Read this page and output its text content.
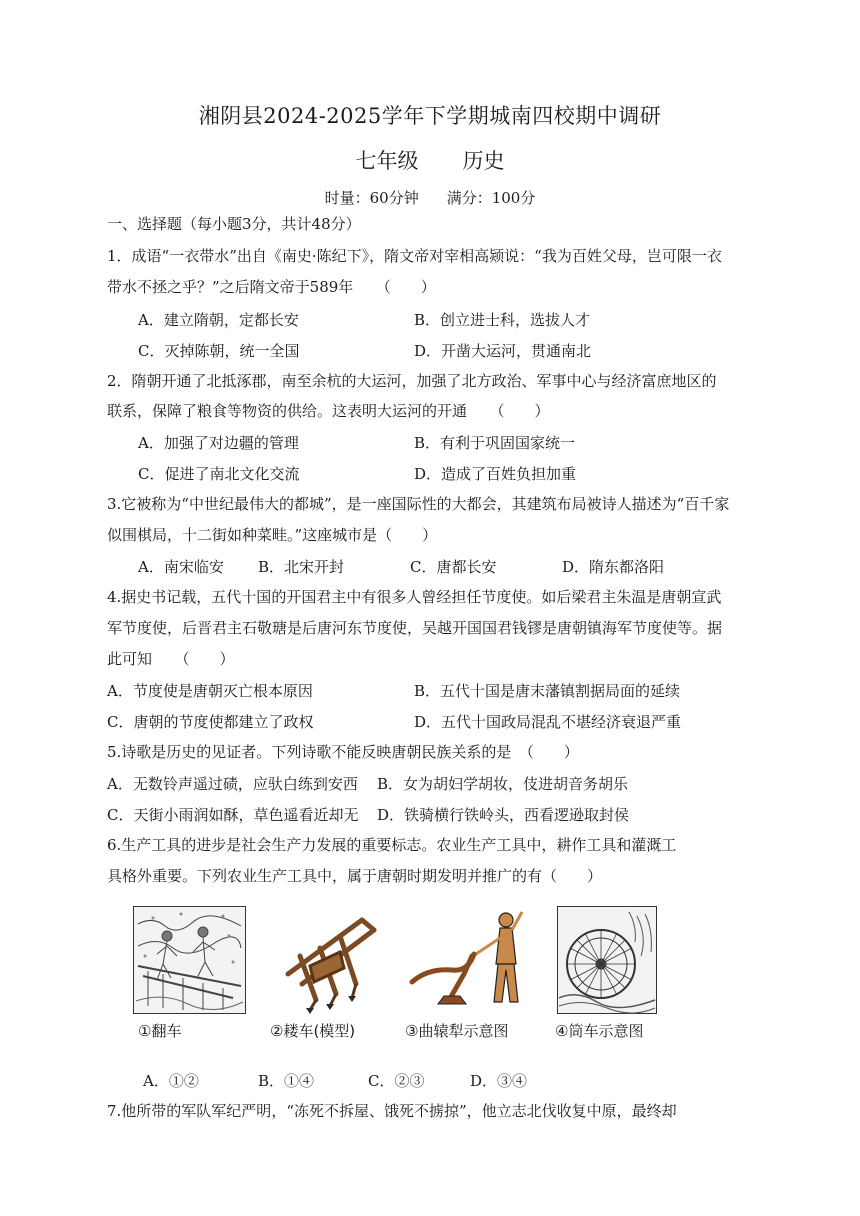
湘阴县2024-2025学年下学期城南四校期中调研
七年级 历史
时量：60分钟 满分：100分
一、选择题（每小题3分，共计48分）
1．成语“一衣带水”出自《南史·陈纪下》，隋文帝对宰相高颎说：“我为百姓父母，岂可限一衣
带水不拯之乎？”之后隋文帝于589年　　（　　）
A．建立隋朝，定都长安	B．创立进士科，选拔人才
C．灭掉陈朝，统一全国	D．开凿大运河，贯通南北
2．隋朝开通了北抵涿郡，南至余杭的大运河，加强了北方政治、军事中心与经济富庶地区的
联系，保障了粮食等物资的供给。这表明大运河的开通　　（　　）
A．加强了对边疆的管理	B．有利于巩固国家统一
C．促进了南北文化交流	D．造成了百姓负担加重
3.它被称为“中世纪最伟大的都城”，是一座国际性的大都会，其建筑布局被诗人描述为“百千家
似围棋局，十二街如种菜畦。”这座城市是（　　）
A．南宋临安 B．北宋开封	C．唐都长安	D．隋东都洛阳
4.据史书记载，五代十国的开国君主中有很多人曾经担任节度使。如后梁君主朱温是唐朝宣武
军节度使，后晋君主石敬瑭是后唐河东节度使，吴越开国国君钱镠是唐朝镇海军节度使等。据
此可知　　（　　）
A．节度使是唐朝灭亡根本原因	B．五代十国是唐末藩镇割据局面的延续
C．唐朝的节度使都建立了政权	D．五代十国政局混乱不堪经济衰退严重
5.诗歌是历史的见证者。下列诗歌不能反映唐朝民族关系的是　（　　）
A．无数铃声遥过碛，应驮白练到安西 B．女为胡妇学胡妆，伎进胡音务胡乐
C．天街小雨润如酥，草色遥看近却无 D．铁骑横行铁岭头，西看逻逊取封侯
6.生产工具的进步是社会生产力发展的重要标志。农业生产工具中，耕作工具和灌溉工
具格外重要。下列农业生产工具中，属于唐朝时期发明并推广的有（　　）
①翻车	②耧车(模型)	③曲辕犁示意图	④筒车示意图
A．①②	B．①④	C．②③	D．③④
7.他所带的军队军纪严明，“冻死不拆屋、饿死不掳掠”，他立志北伐收复中原，最终却
